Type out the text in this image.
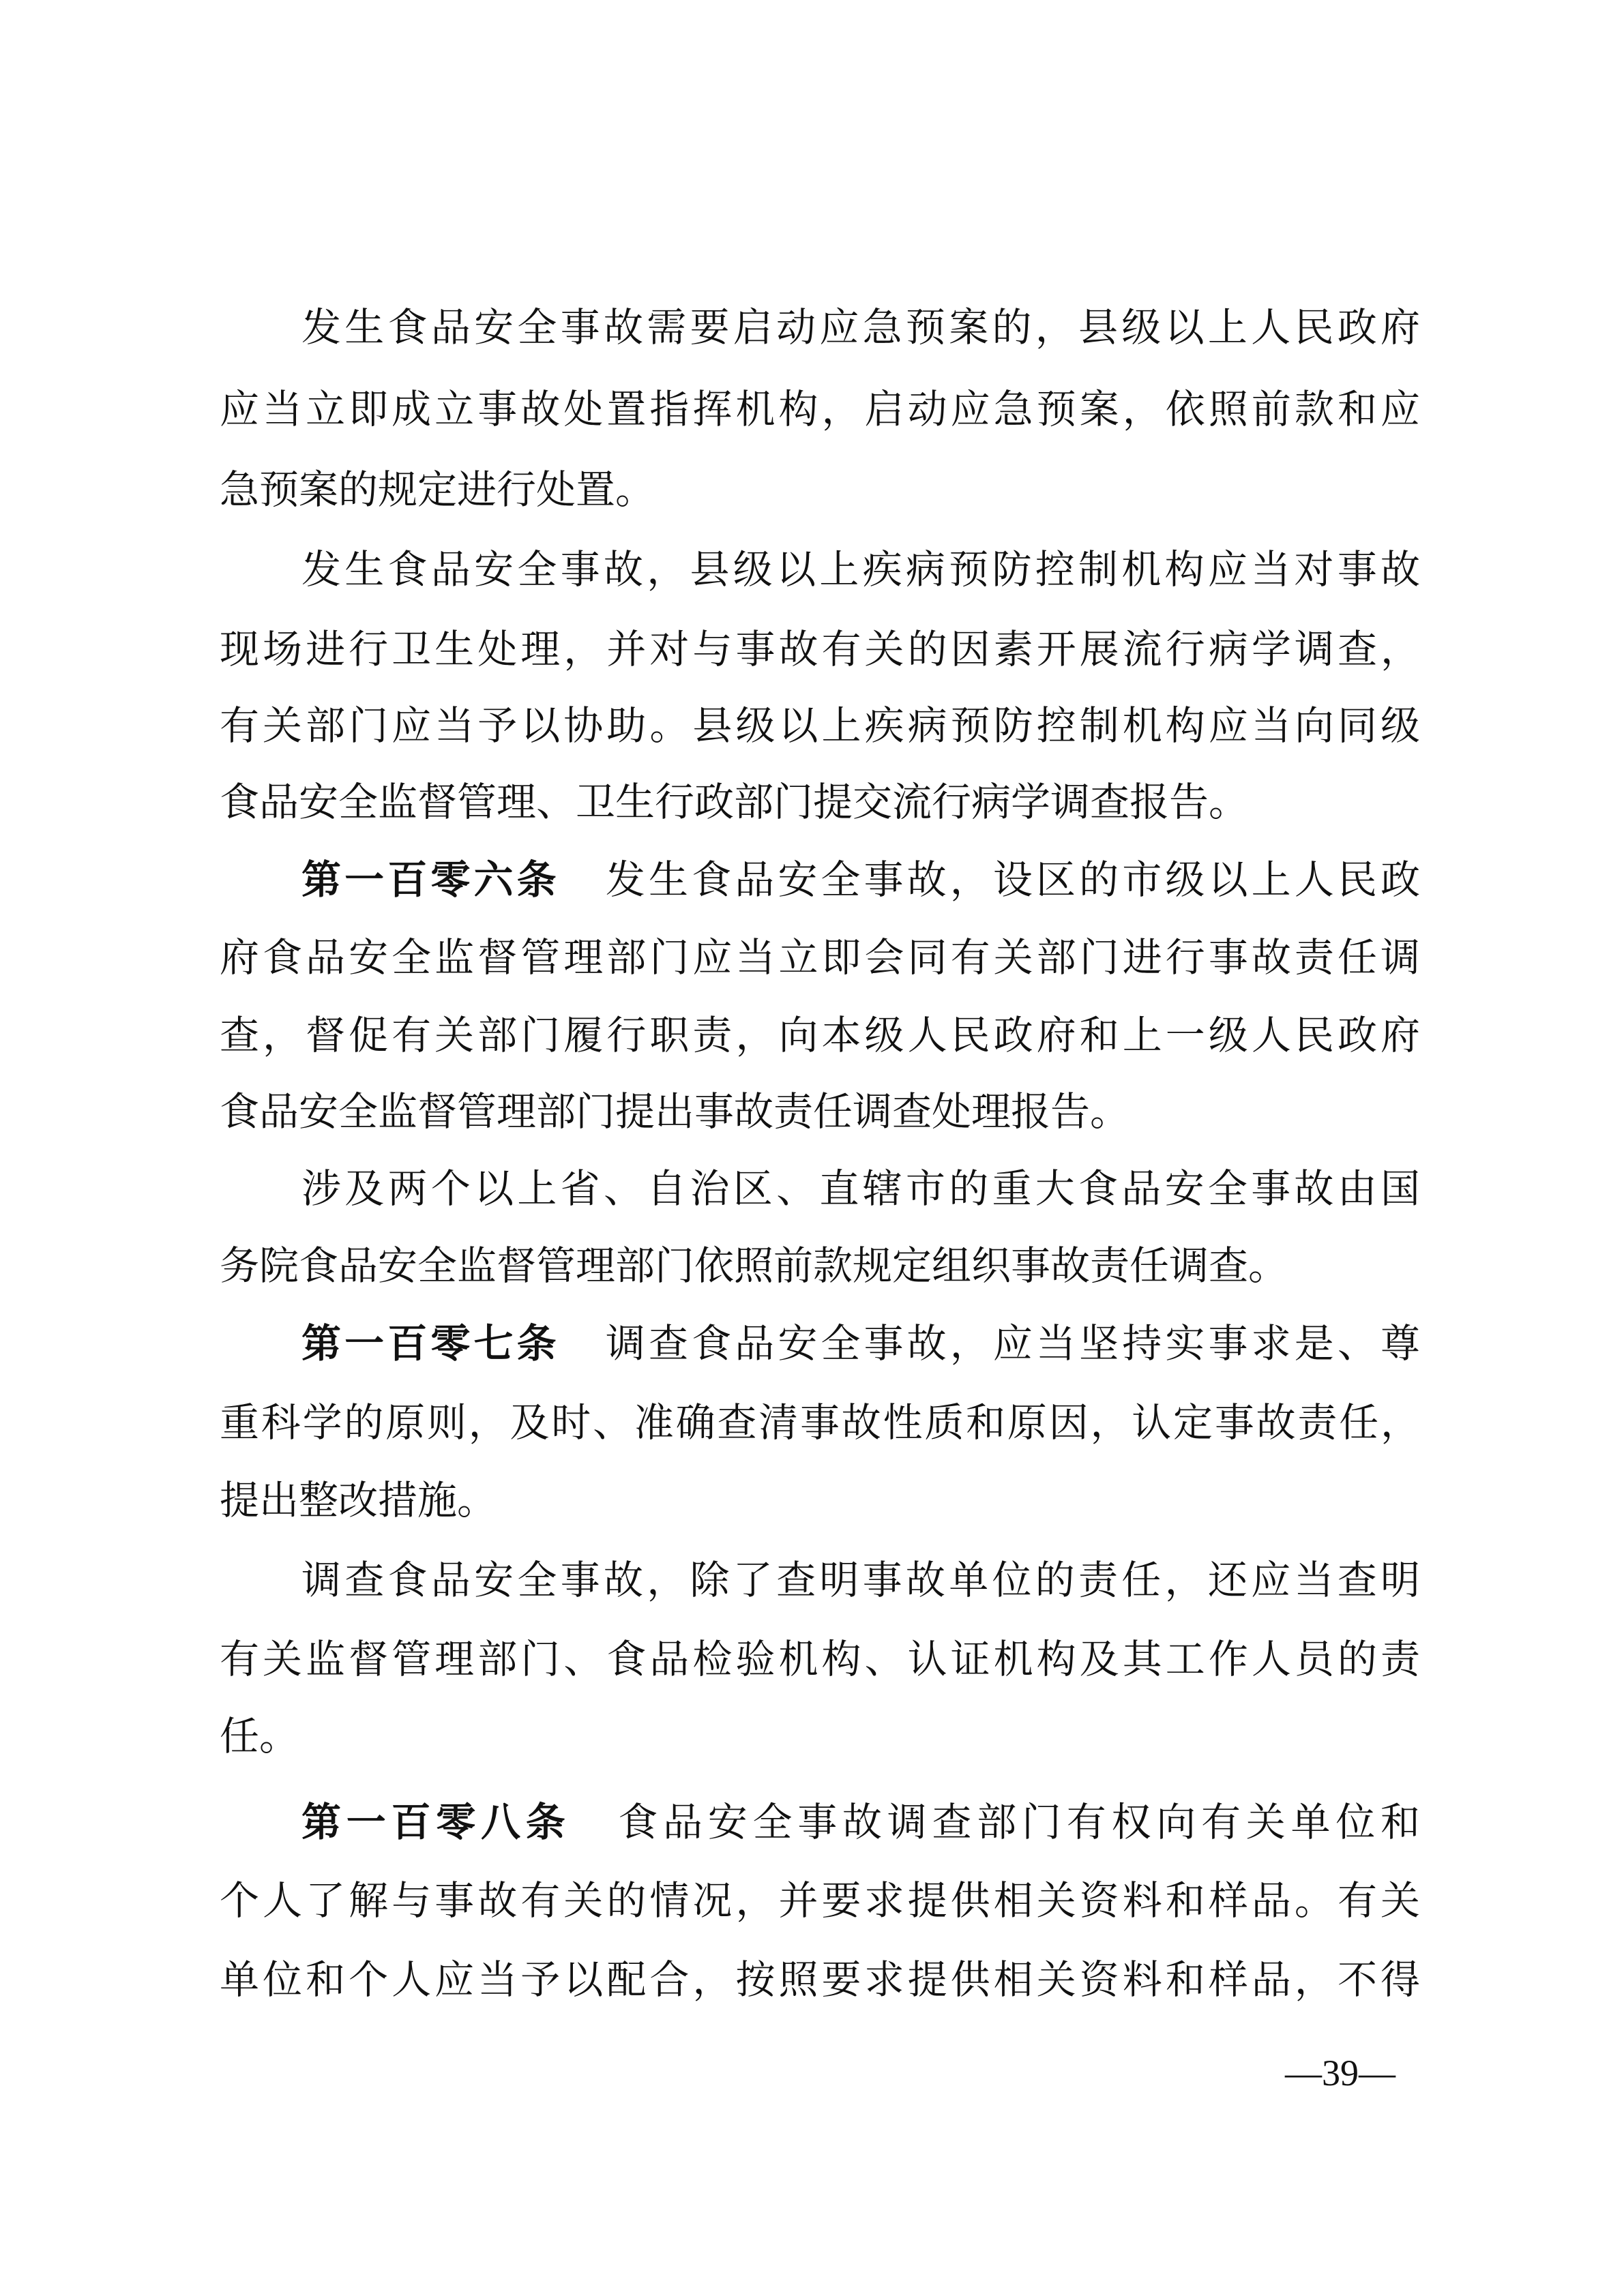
发生食品安全事故需要启动应急预案的，县级以上人民政府
应当立即成立事故处置指挥机构，启动应急预案，依照前款和应
急预案的规定进行处置。
发生食品安全事故，县级以上疾病预防控制机构应当对事故
现场进行卫生处理，并对与事故有关的因素开展流行病学调查，
有关部门应当予以协助。县级以上疾病预防控制机构应当向同级
食品安全监督管理、卫生行政部门提交流行病学调查报告。
第一百零六条 发生食品安全事故，设区的市级以上人民政
府食品安全监督管理部门应当立即会同有关部门进行事故责任调
查，督促有关部门履行职责，向本级人民政府和上一级人民政府
食品安全监督管理部门提出事故责任调查处理报告。
涉及两个以上省、自治区、直辖市的重大食品安全事故由国
务院食品安全监督管理部门依照前款规定组织事故责任调查。
第一百零七条 调查食品安全事故，应当坚持实事求是、尊
重科学的原则，及时、准确查清事故性质和原因，认定事故责任，
提出整改措施。
调查食品安全事故，除了查明事故单位的责任，还应当查明
有关监督管理部门、食品检验机构、认证机构及其工作人员的责
任。
第一百零八条 食品安全事故调查部门有权向有关单位和
个人了解与事故有关的情况，并要求提供相关资料和样品。有关
单位和个人应当予以配合，按照要求提供相关资料和样品，不得
—39—
